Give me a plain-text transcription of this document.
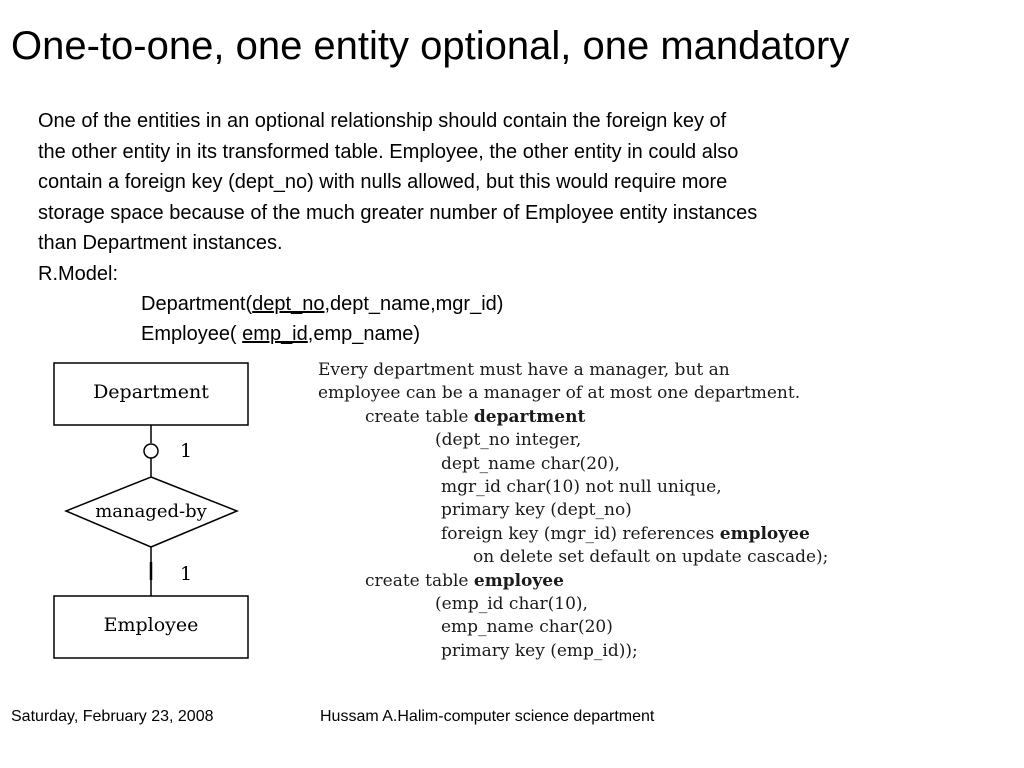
One-to-one, one entity optional, one mandatory
One of the entities in an optional relationship should contain the foreign key of
the other entity in its transformed table. Employee, the other entity in could also
contain a foreign key (dept_no) with nulls allowed, but this would require more
storage space because of the much greater number of Employee entity instances
than Department instances.
R.Model:
Department(dept_no,dept_name,mgr_id)
Employee( emp_id,emp_name)
Department
1
managed-by
1
Employee
Every department must have a manager, but an
employee can be a manager of at most one department.
create table department
(dept_no integer,
dept_name char(20),
mgr_id char(10) not null unique,
primary key (dept_no)
foreign key (mgr_id) references employee
on delete set default on update cascade);
create table employee
(emp_id char(10),
emp_name char(20)
primary key (emp_id));
Saturday, February 23, 2008	Hussam A.Halim-computer science department
